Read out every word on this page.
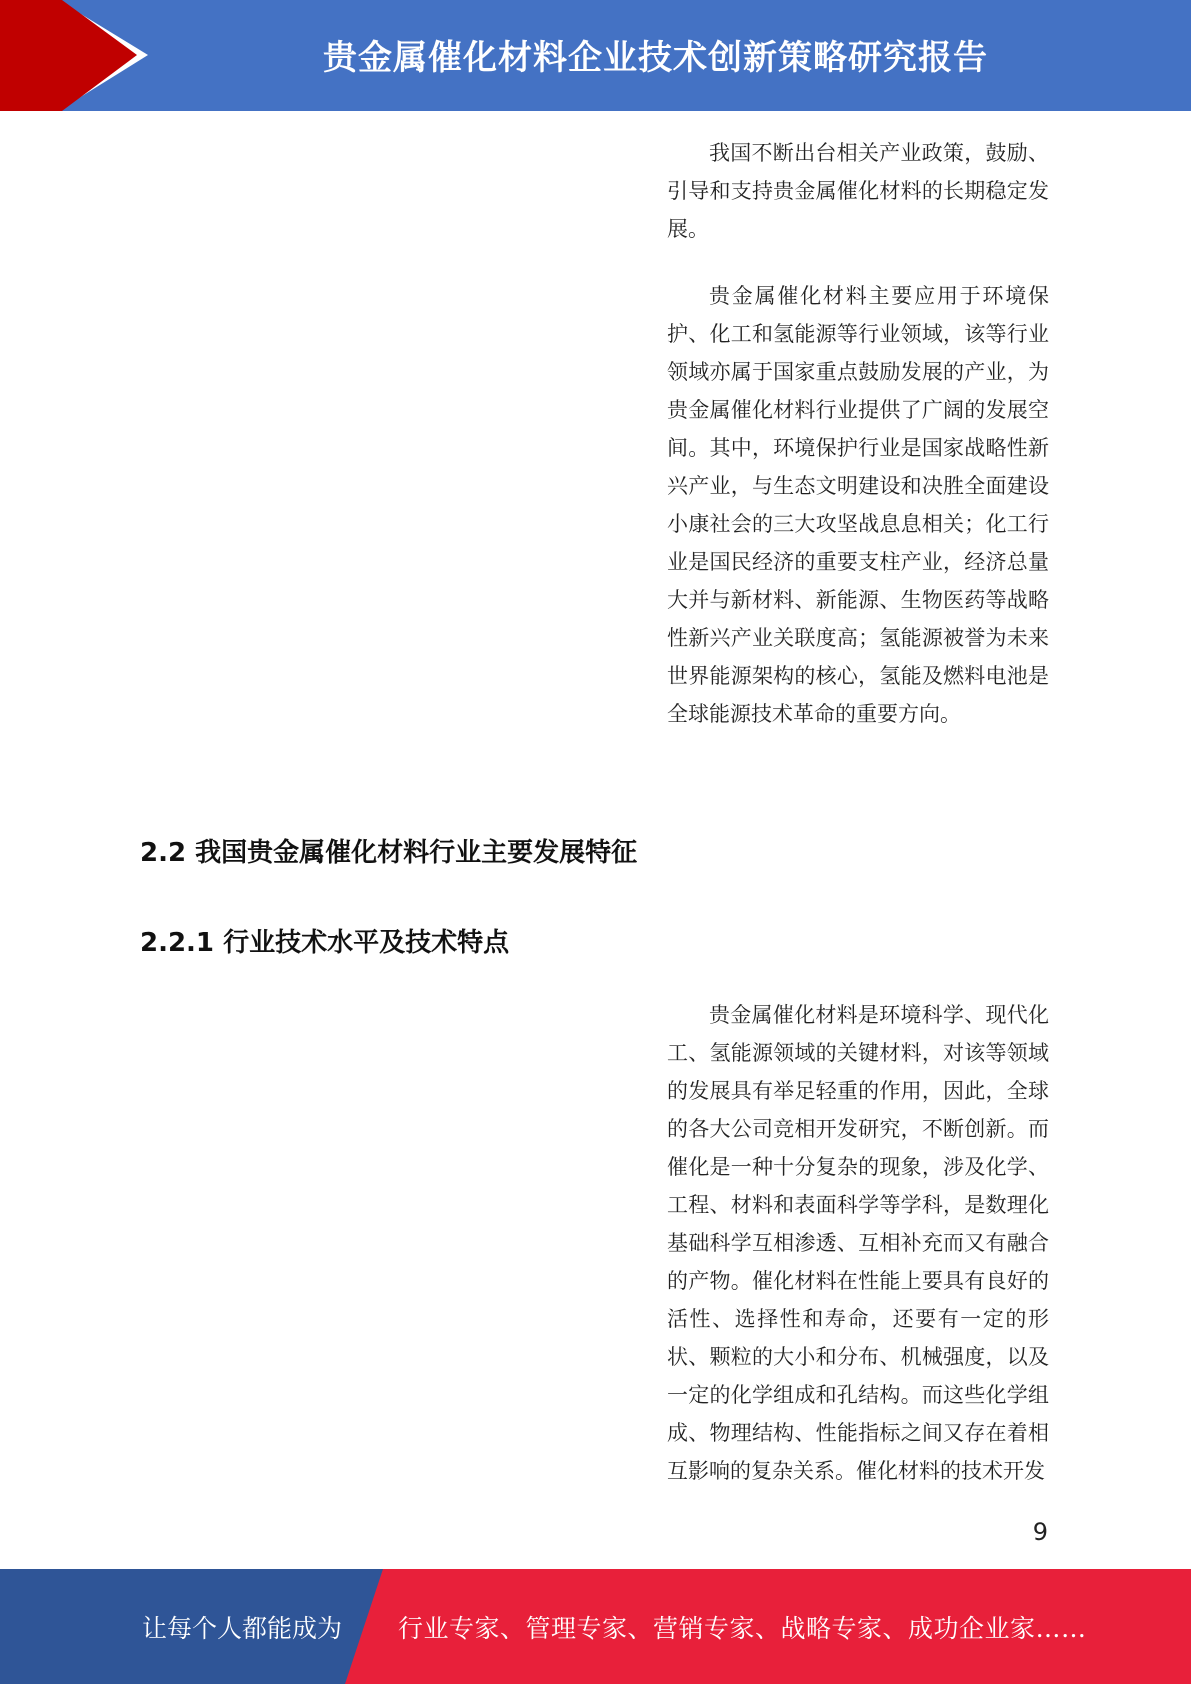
贵金属催化材料企业技术创新策略研究报告

我国不断出台相关产业政策，鼓励、引导和支持贵金属催化材料的长期稳定发展。

贵金属催化材料主要应用于环境保护、化工和氢能源等行业领域，该等行业领域亦属于国家重点鼓励发展的产业，为贵金属催化材料行业提供了广阔的发展空间。其中，环境保护行业是国家战略性新兴产业，与生态文明建设和决胜全面建设小康社会的三大攻坚战息息相关；化工行业是国民经济的重要支柱产业，经济总量大并与新材料、新能源、生物医药等战略性新兴产业关联度高；氢能源被誉为未来世界能源架构的核心，氢能及燃料电池是全球能源技术革命的重要方向。

2.2 我国贵金属催化材料行业主要发展特征
2.2.1 行业技术水平及技术特点

贵金属催化材料是环境科学、现代化工、氢能源领域的关键材料，对该等领域的发展具有举足轻重的作用，因此，全球的各大公司竞相开发研究，不断创新。而催化是一种十分复杂的现象，涉及化学、工程、材料和表面科学等学科，是数理化基础科学互相渗透、互相补充而又有融合的产物。催化材料在性能上要具有良好的活性、选择性和寿命，还要有一定的形状、颗粒的大小和分布、机械强度，以及一定的化学组成和孔结构。而这些化学组成、物理结构、性能指标之间又存在着相互影响的复杂关系。催化材料的技术开发

9
让每个人都能成为 行业专家、管理专家、营销专家、战略专家、成功企业家……
